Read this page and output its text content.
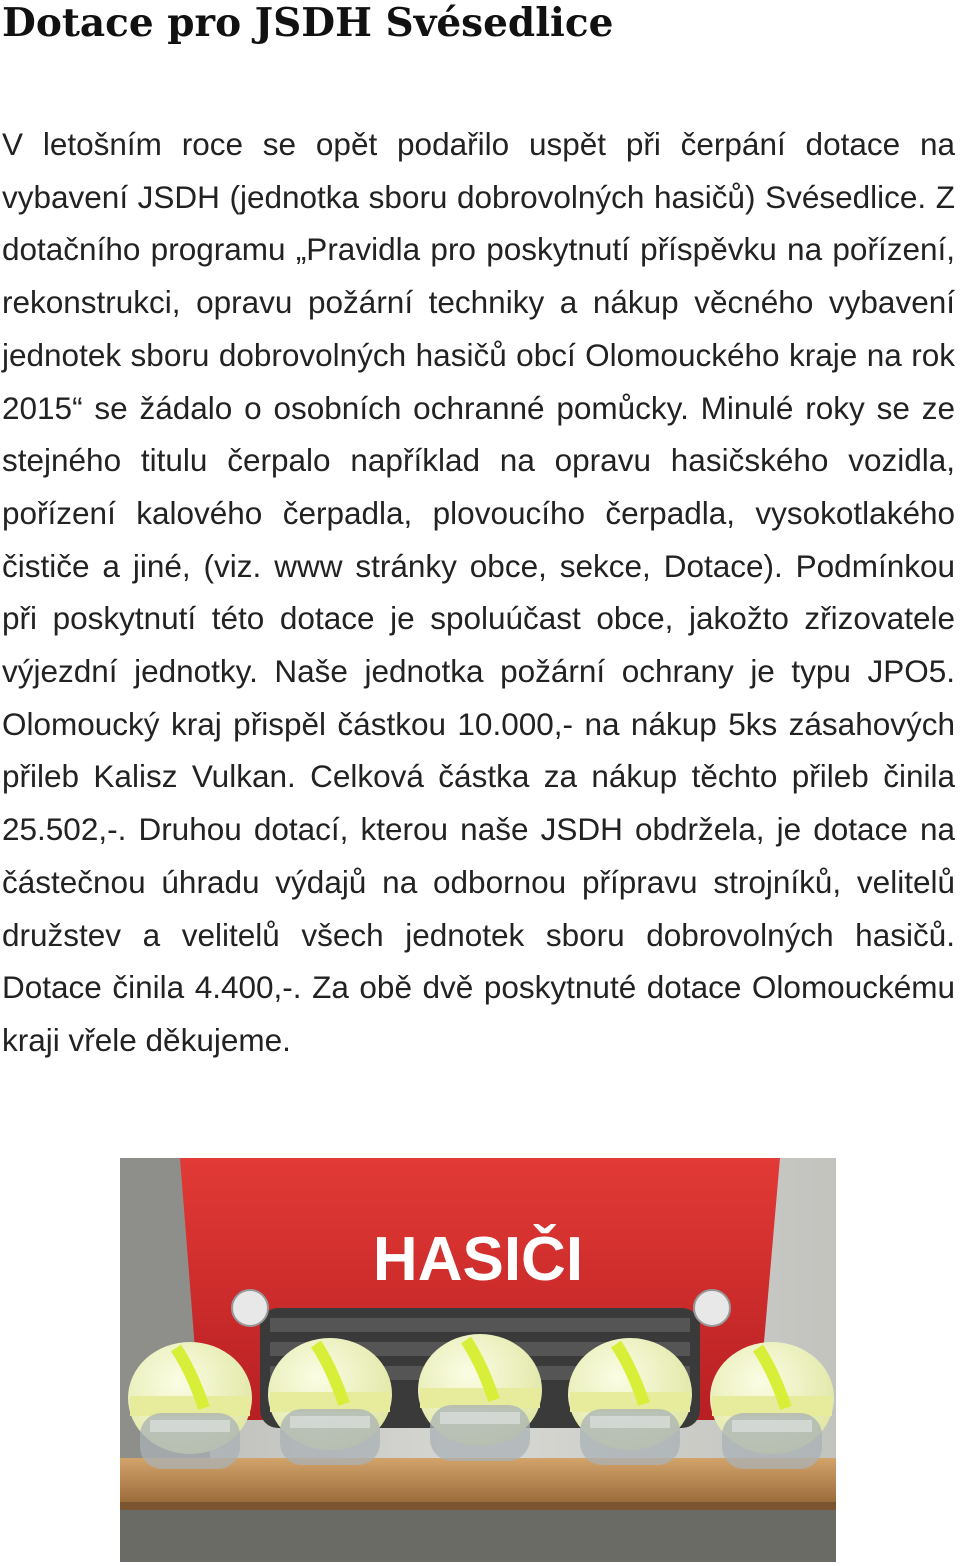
Dotace pro JSDH Svésedlice

V letošním roce se opět podařilo uspět při čerpání dotace na vybavení JSDH (jednotka sboru dobrovolných hasičů) Svésedlice. Z dotačního programu „Pravidla pro poskytnutí příspěvku na pořízení, rekonstrukci, opravu požární techniky a nákup věcného vybavení jednotek sboru dobrovolných hasičů obcí Olomouckého kraje na rok 2015“ se žádalo o osobních ochranné pomůcky. Minulé roky se ze stejného titulu čerpalo například na opravu hasičského vozidla, pořízení kalového čerpadla, plovoucího čerpadla, vysokotlakého čističe a jiné, (viz. www stránky obce, sekce, Dotace). Podmínkou při poskytnutí této dotace je spoluúčast obce, jakožto zřizovatele výjezdní jednotky. Naše jednotka požární ochrany je typu JPO5. Olomoucký kraj přispěl částkou 10.000,- na nákup 5ks zásahových přileb Kalisz Vulkan. Celková částka za nákup těchto přileb činila 25.502,-. Druhou dotací, kterou naše JSDH obdržela, je dotace na částečnou úhradu výdajů na odbornou přípravu strojníků, velitelů družstev a velitelů všech jednotek sboru dobrovolných hasičů. Dotace činila 4.400,-. Za obě dvě poskytnuté dotace Olomouckému kraji vřele děkujeme.

HASIČI
